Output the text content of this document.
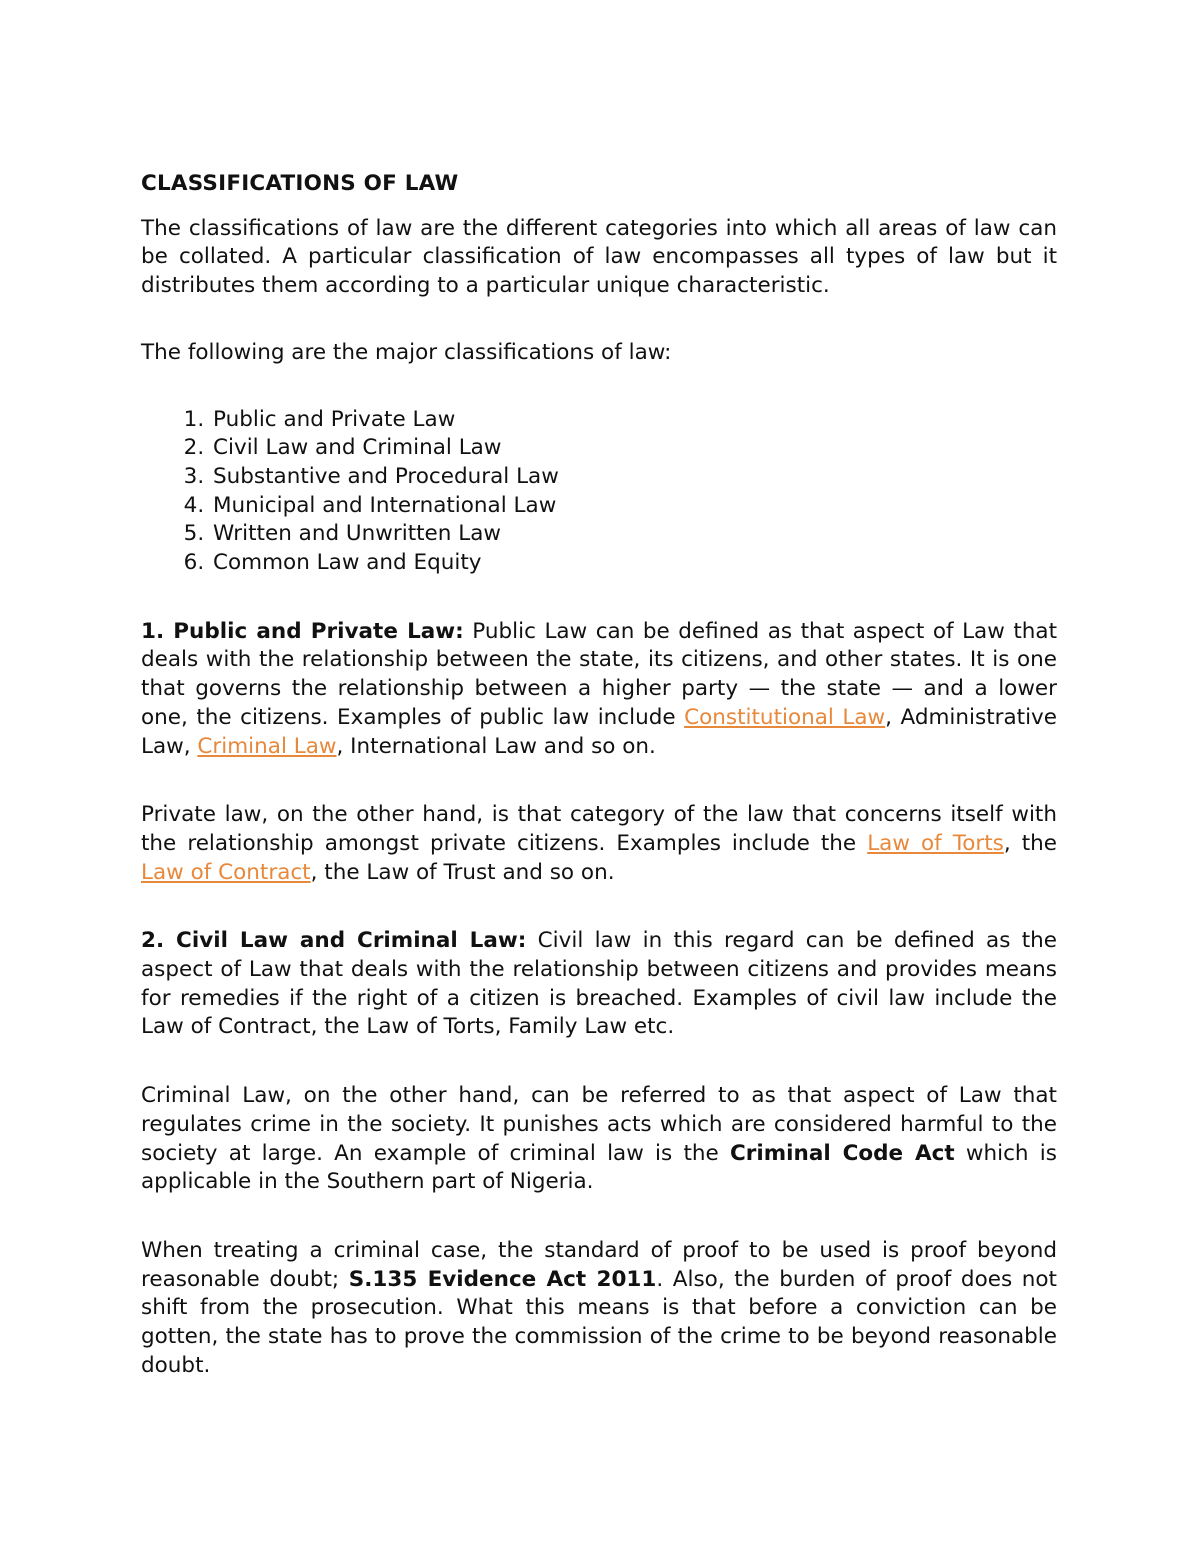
CLASSIFICATIONS OF LAW

The classifications of law are the different categories into which all areas of law can be collated. A particular classification of law encompasses all types of law but it distributes them according to a particular unique characteristic.

The following are the major classifications of law:

1. Public and Private Law
2. Civil Law and Criminal Law
3. Substantive and Procedural Law
4. Municipal and International Law
5. Written and Unwritten Law
6. Common Law and Equity

1. Public and Private Law: Public Law can be defined as that aspect of Law that deals with the relationship between the state, its citizens, and other states. It is one that governs the relationship between a higher party — the state — and a lower one, the citizens. Examples of public law include Constitutional Law, Administrative Law, Criminal Law, International Law and so on.

Private law, on the other hand, is that category of the law that concerns itself with the relationship amongst private citizens. Examples include the Law of Torts, the Law of Contract, the Law of Trust and so on.

2. Civil Law and Criminal Law: Civil law in this regard can be defined as the aspect of Law that deals with the relationship between citizens and provides means for remedies if the right of a citizen is breached. Examples of civil law include the Law of Contract, the Law of Torts, Family Law etc.

Criminal Law, on the other hand, can be referred to as that aspect of Law that regulates crime in the society. It punishes acts which are considered harmful to the society at large. An example of criminal law is the Criminal Code Act which is applicable in the Southern part of Nigeria.

When treating a criminal case, the standard of proof to be used is proof beyond reasonable doubt; S.135 Evidence Act 2011. Also, the burden of proof does not shift from the prosecution. What this means is that before a conviction can be gotten, the state has to prove the commission of the crime to be beyond reasonable doubt.
